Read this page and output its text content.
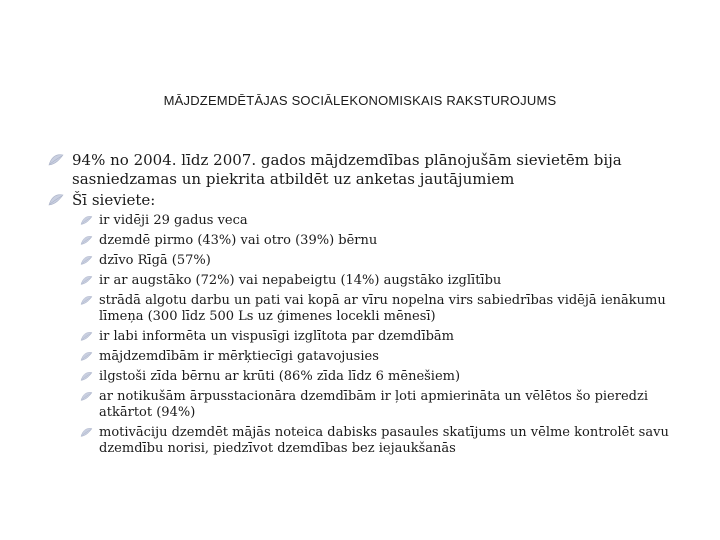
MĀJDZEMDĒTĀJAS SOCIĀLEKONOMISKAIS RAKSTUROJUMS
94% no 2004. līdz 2007. gados mājdzemdības plānojušām sievietēm bija sasniedzamas un piekrita atbildēt uz anketas jautājumiem
Šī sieviete:
ir vidēji 29 gadus veca
dzemdē pirmo (43%) vai otro (39%) bērnu
dzīvo Rīgā (57%)
ir ar augstāko (72%) vai nepabeigtu (14%) augstāko izglītību
strādā algotu darbu un pati vai kopā ar vīru nopelna virs sabiedrības vidējā ienākumu līmeņa (300 līdz 500 Ls uz ģimenes locekli mēnesī)
ir labi informēta un vispusīgi izglītota par dzemdībām
mājdzemdībām ir mērķtiecīgi gatavojusies
ilgstoši zīda bērnu ar krūti (86% zīda līdz 6 mēnešiem)
ar notikušām ārpusstacionāra dzemdībām ir ļoti apmierināta un vēlētos šo pieredzi atkārtot (94%)
motivāciju dzemdēt mājās noteica dabisks pasaules skatījums un vēlme kontrolēt savu dzemdību norisi, piedzīvot dzemdības bez iejaukšanās
